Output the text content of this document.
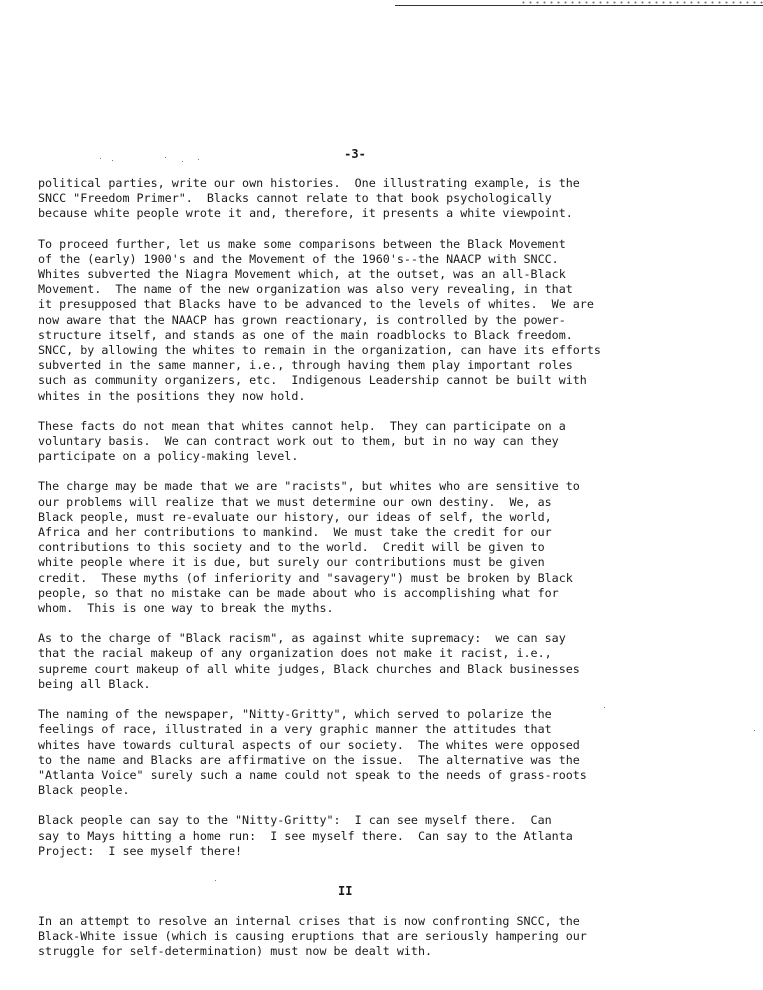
-3-

political parties, write our own histories.  One illustrating example, is the
SNCC "Freedom Primer".  Blacks cannot relate to that book psychologically
because white people wrote it and, therefore, it presents a white viewpoint.

To proceed further, let us make some comparisons between the Black Movement
of the (early) 1900's and the Movement of the 1960's--the NAACP with SNCC.
Whites subverted the Niagra Movement which, at the outset, was an all-Black
Movement.  The name of the new organization was also very revealing, in that
it presupposed that Blacks have to be advanced to the levels of whites.  We are
now aware that the NAACP has grown reactionary, is controlled by the power-
structure itself, and stands as one of the main roadblocks to Black freedom.
SNCC, by allowing the whites to remain in the organization, can have its efforts
subverted in the same manner, i.e., through having them play important roles
such as community organizers, etc.  Indigenous Leadership cannot be built with
whites in the positions they now hold.

These facts do not mean that whites cannot help.  They can participate on a
voluntary basis.  We can contract work out to them, but in no way can they
participate on a policy-making level.

The charge may be made that we are "racists", but whites who are sensitive to
our problems will realize that we must determine our own destiny.  We, as
Black people, must re-evaluate our history, our ideas of self, the world,
Africa and her contributions to mankind.  We must take the credit for our
contributions to this society and to the world.  Credit will be given to
white people where it is due, but surely our contributions must be given
credit.  These myths (of inferiority and "savagery") must be broken by Black
people, so that no mistake can be made about who is accomplishing what for
whom.  This is one way to break the myths.

As to the charge of "Black racism", as against white supremacy:  we can say
that the racial makeup of any organization does not make it racist, i.e.,
supreme court makeup of all white judges, Black churches and Black businesses
being all Black.

The naming of the newspaper, "Nitty-Gritty", which served to polarize the
feelings of race, illustrated in a very graphic manner the attitudes that
whites have towards cultural aspects of our society.  The whites were opposed
to the name and Blacks are affirmative on the issue.  The alternative was the
"Atlanta Voice" surely such a name could not speak to the needs of grass-roots
Black people.

Black people can say to the "Nitty-Gritty":  I can see myself there.  Can
say to Mays hitting a home run:  I see myself there.  Can say to the Atlanta
Project:  I see myself there!

II

In an attempt to resolve an internal crises that is now confronting SNCC, the
Black-White issue (which is causing eruptions that are seriously hampering our
struggle for self-determination) must now be dealt with.
